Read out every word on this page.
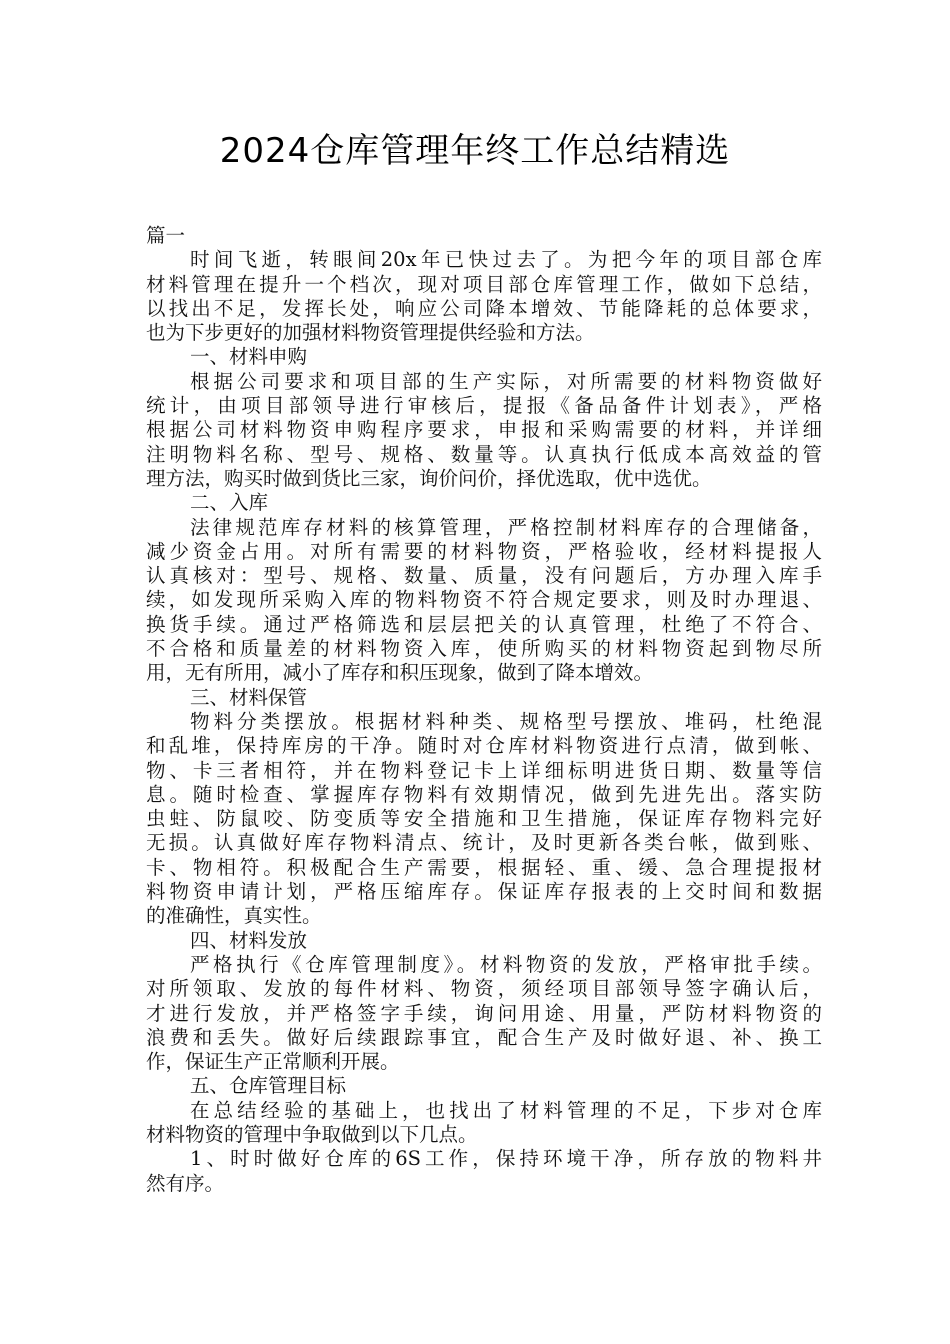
2024仓库管理年终工作总结精选
篇一
时间飞逝，转眼间20x年已快过去了。为把今年的项目部仓库
材料管理在提升一个档次，现对项目部仓库管理工作，做如下总结，
以找出不足，发挥长处，响应公司降本增效、节能降耗的总体要求，
也为下步更好的加强材料物资管理提供经验和方法。
一、材料申购
根据公司要求和项目部的生产实际，对所需要的材料物资做好
统计，由项目部领导进行审核后，提报《备品备件计划表》，严格
根据公司材料物资申购程序要求，申报和采购需要的材料，并详细
注明物料名称、型号、规格、数量等。认真执行低成本高效益的管
理方法，购买时做到货比三家，询价问价，择优选取，优中选优。
二、入库
法律规范库存材料的核算管理，严格控制材料库存的合理储备，
减少资金占用。对所有需要的材料物资，严格验收，经材料提报人
认真核对：型号、规格、数量、质量，没有问题后，方办理入库手
续，如发现所采购入库的物料物资不符合规定要求，则及时办理退、
换货手续。通过严格筛选和层层把关的认真管理，杜绝了不符合、
不合格和质量差的材料物资入库，使所购买的材料物资起到物尽所
用，无有所用，减小了库存和积压现象，做到了降本增效。
三、材料保管
物料分类摆放。根据材料种类、规格型号摆放、堆码，杜绝混
和乱堆，保持库房的干净。随时对仓库材料物资进行点清，做到帐、
物、卡三者相符，并在物料登记卡上详细标明进货日期、数量等信
息。随时检查、掌握库存物料有效期情况，做到先进先出。落实防
虫蛀、防鼠咬、防变质等安全措施和卫生措施，保证库存物料完好
无损。认真做好库存物料清点、统计，及时更新各类台帐，做到账、
卡、物相符。积极配合生产需要，根据轻、重、缓、急合理提报材
料物资申请计划，严格压缩库存。保证库存报表的上交时间和数据
的准确性，真实性。
四、材料发放
严格执行《仓库管理制度》。材料物资的发放，严格审批手续。
对所领取、发放的每件材料、物资，须经项目部领导签字确认后，
才进行发放，并严格签字手续，询问用途、用量，严防材料物资的
浪费和丢失。做好后续跟踪事宜，配合生产及时做好退、补、换工
作，保证生产正常顺利开展。
五、仓库管理目标
在总结经验的基础上，也找出了材料管理的不足，下步对仓库
材料物资的管理中争取做到以下几点。
1、时时做好仓库的6S工作，保持环境干净，所存放的物料井
然有序。
